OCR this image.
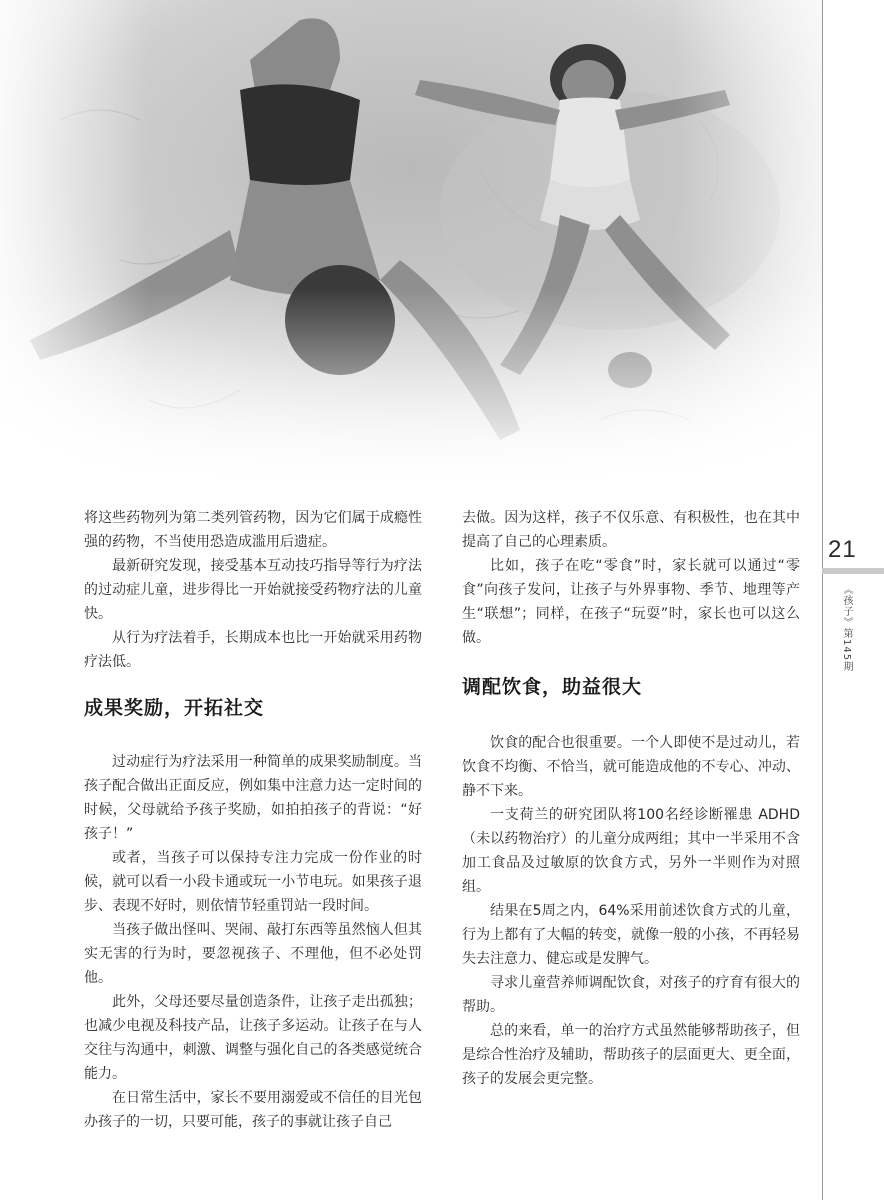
21
《孩子》第145期

将这些药物列为第二类列管药物，因为它们属于成瘾性强的药物，不当使用恐造成滥用后遗症。

最新研究发现，接受基本互动技巧指导等行为疗法的过动症儿童，进步得比一开始就接受药物疗法的儿童快。

从行为疗法着手，长期成本也比一开始就采用药物疗法低。

成果奖励，开拓社交

过动症行为疗法采用一种简单的成果奖励制度。当孩子配合做出正面反应，例如集中注意力达一定时间的时候，父母就给予孩子奖励，如拍拍孩子的背说：“好孩子！”

或者，当孩子可以保持专注力完成一份作业的时候，就可以看一小段卡通或玩一小节电玩。如果孩子退步、表现不好时，则依情节轻重罚站一段时间。

当孩子做出怪叫、哭闹、敲打东西等虽然恼人但其实无害的行为时，要忽视孩子、不理他，但不必处罚他。

此外，父母还要尽量创造条件，让孩子走出孤独；也减少电视及科技产品，让孩子多运动。让孩子在与人交往与沟通中，刺激、调整与强化自己的各类感觉统合能力。

在日常生活中，家长不要用溺爱或不信任的目光包办孩子的一切，只要可能，孩子的事就让孩子自己

去做。因为这样，孩子不仅乐意、有积极性，也在其中提高了自己的心理素质。

比如，孩子在吃“零食”时，家长就可以通过“零食”向孩子发问，让孩子与外界事物、季节、地理等产生“联想”；同样，在孩子“玩耍”时，家长也可以这么做。

调配饮食，助益很大

饮食的配合也很重要。一个人即使不是过动儿，若饮食不均衡、不恰当，就可能造成他的不专心、冲动、静不下来。

一支荷兰的研究团队将100名经诊断罹患 ADHD（未以药物治疗）的儿童分成两组；其中一半采用不含加工食品及过敏原的饮食方式，另外一半则作为对照组。

结果在5周之内，64%采用前述饮食方式的儿童，行为上都有了大幅的转变，就像一般的小孩，不再轻易失去注意力、健忘或是发脾气。

寻求儿童营养师调配饮食，对孩子的疗育有很大的帮助。

总的来看，单一的治疗方式虽然能够帮助孩子，但是综合性治疗及辅助，帮助孩子的层面更大、更全面，孩子的发展会更完整。
